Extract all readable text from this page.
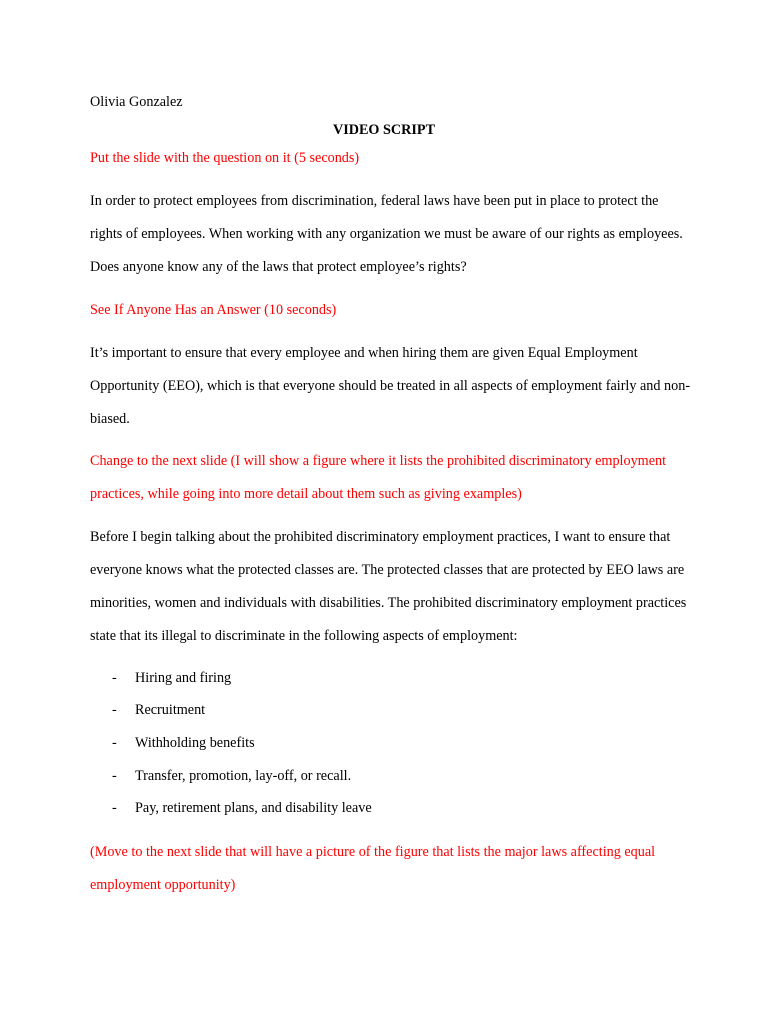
Olivia Gonzalez
VIDEO SCRIPT
Put the slide with the question on it (5 seconds)
In order to protect employees from discrimination, federal laws have been put in place to protect the
rights of employees. When working with any organization we must be aware of our rights as employees.
Does anyone know any of the laws that protect employee’s rights?
See If Anyone Has an Answer (10 seconds)
It’s important to ensure that every employee and when hiring them are given Equal Employment
Opportunity (EEO), which is that everyone should be treated in all aspects of employment fairly and non-
biased.
Change to the next slide (I will show a figure where it lists the prohibited discriminatory employment
practices, while going into more detail about them such as giving examples)
Before I begin talking about the prohibited discriminatory employment practices, I want to ensure that
everyone knows what the protected classes are. The protected classes that are protected by EEO laws are
minorities, women and individuals with disabilities. The prohibited discriminatory employment practices
state that its illegal to discriminate in the following aspects of employment:
- Hiring and firing
- Recruitment
- Withholding benefits
- Transfer, promotion, lay-off, or recall.
- Pay, retirement plans, and disability leave
(Move to the next slide that will have a picture of the figure that lists the major laws affecting equal
employment opportunity)
